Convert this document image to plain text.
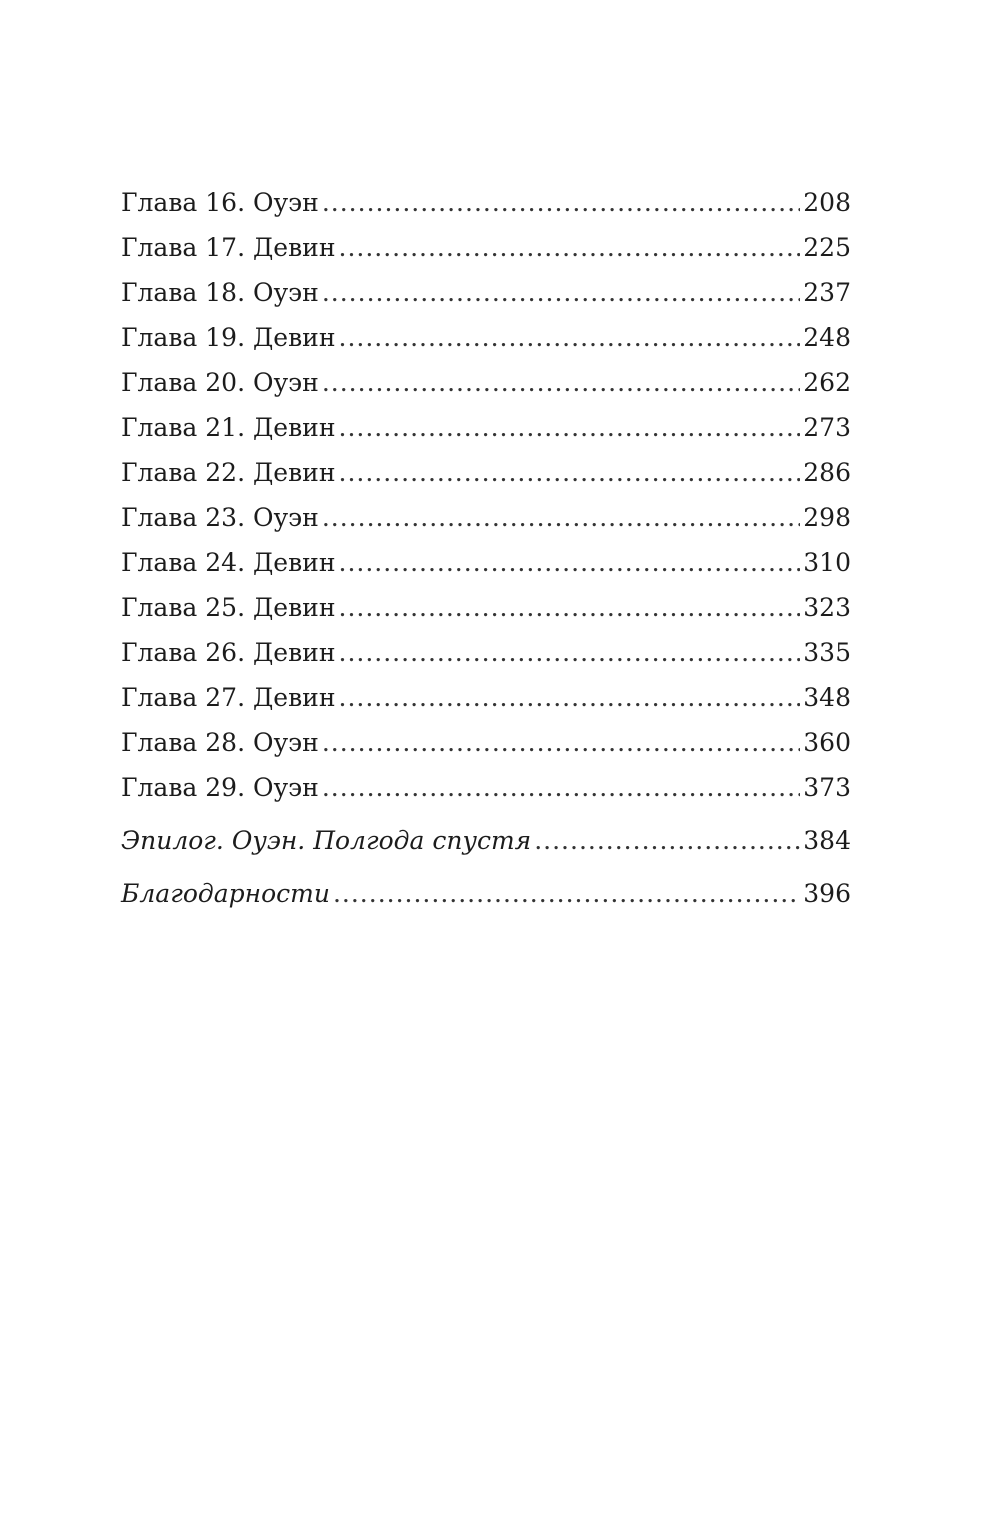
Глава 16. Оуэн .....	208
Глава 17. Девин .....	225
Глава 18. Оуэн .....	237
Глава 19. Девин .....	248
Глава 20. Оуэн .....	262
Глава 21. Девин .....	273
Глава 22. Девин .....	286
Глава 23. Оуэн .....	298
Глава 24. Девин .....	310
Глава 25. Девин .....	323
Глава 26. Девин .....	335
Глава 27. Девин .....	348
Глава 28. Оуэн .....	360
Глава 29. Оуэн .....	373
Эпилог. Оуэн. Полгода спустя .....	384
Благодарности .....	396
